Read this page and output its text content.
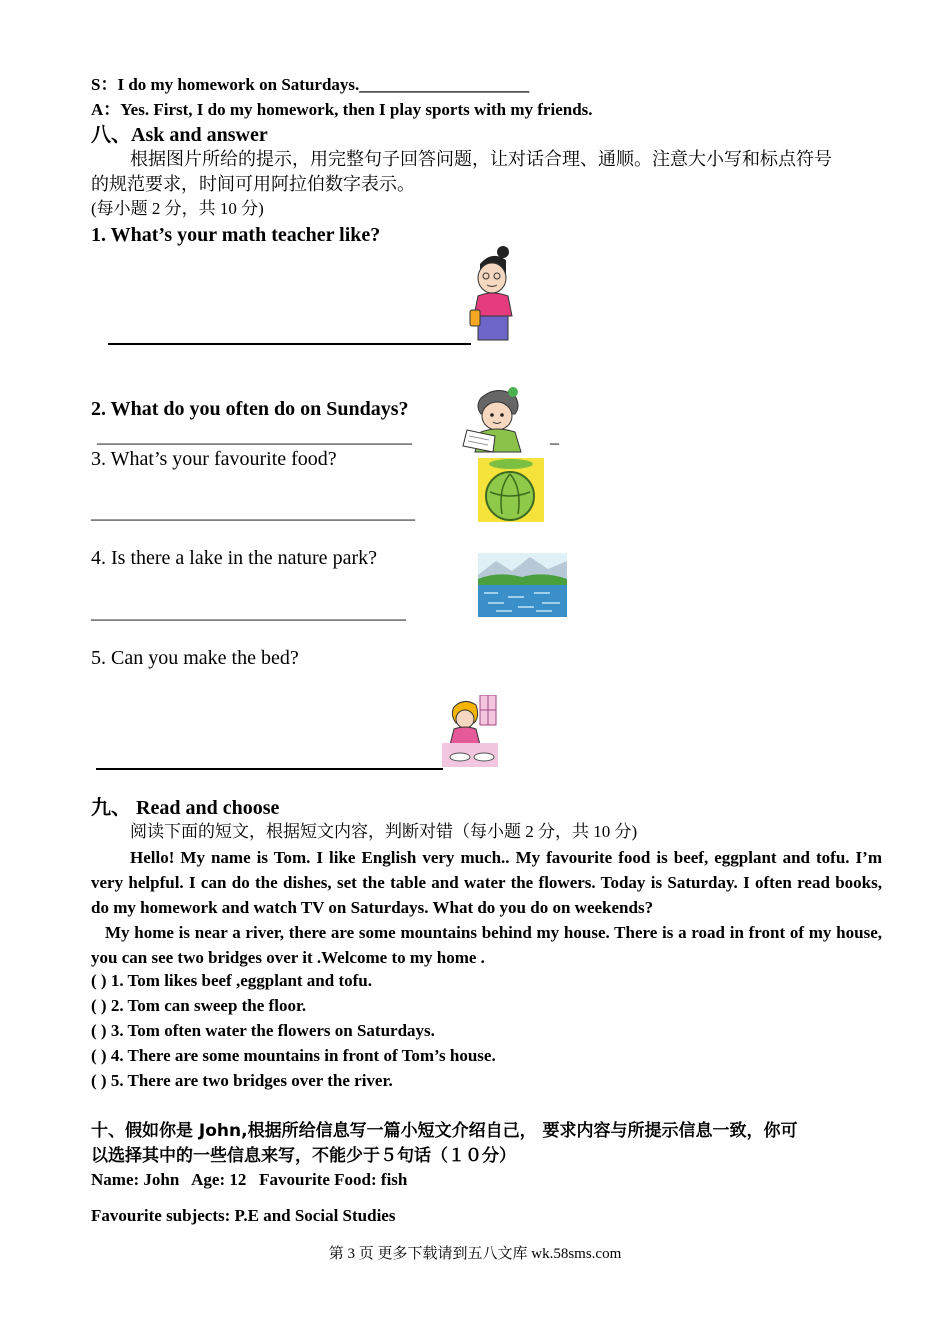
S：I do my homework on Saturdays.____________________
A：Yes. First, I do my homework, then I play sports with my friends.
八、Ask and answer
根据图片所给的提示，用完整句子回答问题，让对话合理、通顺。注意大小写和标点符号
的规范要求，时间可用阿拉伯数字表示。
(每小题 2 分，共 10 分)
1. What’s your math teacher like?
2. What do you often do on Sundays?
___________________________________	_
3. What’s your favourite food?
____________________________________
4. Is there a lake in the nature park?
___________________________________
5. Can you make the bed?
九、 Read and choose
阅读下面的短文，根据短文内容，判断对错（每小题 2 分，共 10 分)
Hello! My name is Tom. I like English very much.. My favourite food is beef, eggplant and tofu. I’m very helpful. I can do the dishes, set the table and water the flowers. Today is Saturday. I often read books, do my homework and watch TV on Saturdays. What do you do on weekends?
My home is near a river, there are some mountains behind my house. There is a road in front of my house, you can see two bridges over it .Welcome to my home .
( ) 1. Tom likes beef ,eggplant and tofu.
( ) 2. Tom can sweep the floor.
( ) 3. Tom often water the flowers on Saturdays.
( ) 4. There are some mountains in front of Tom’s house.
( ) 5. There are two bridges over the river.
十、假如你是 John,根据所给信息写一篇小短文介绍自己， 要求内容与所提示信息一致，你可
以选择其中的一些信息来写，不能少于５句话（１０分）
Name: John   Age: 12   Favourite Food: fish
Favourite subjects: P.E and Social Studies
第 3 页 更多下载请到五八文库 wk.58sms.com
